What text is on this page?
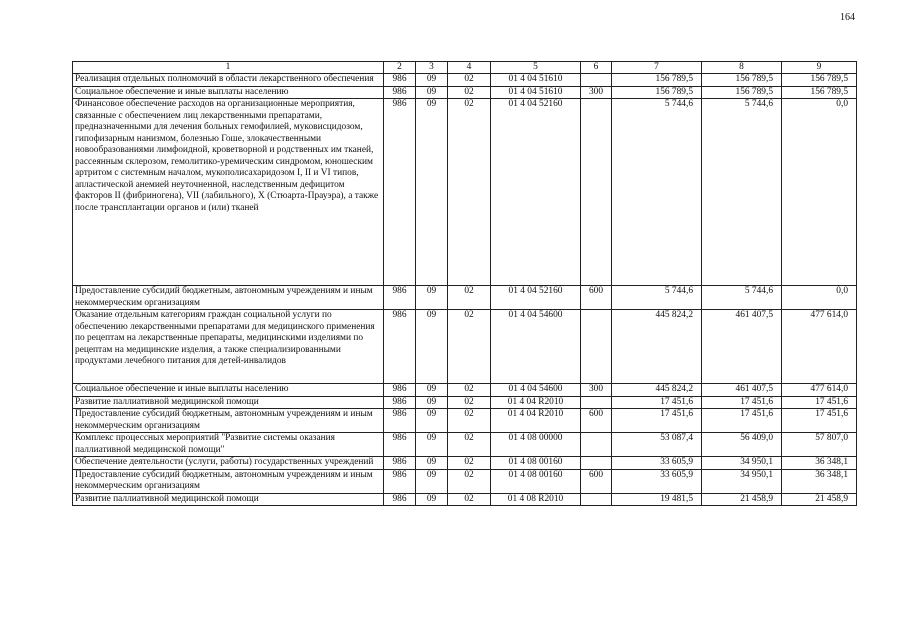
164
1	2	3	4	5	6	7	8	9
Реализация отдельных полномочий в области лекарственного обеспечения	986	09	02	01 4 04 51610		156 789,5	156 789,5	156 789,5
Социальное обеспечение и иные выплаты населению	986	09	02	01 4 04 51610	300	156 789,5	156 789,5	156 789,5
Финансовое обеспечение расходов на организационные мероприятия, связанные с обеспечением лиц лекарственными препаратами, предназначенными для лечения больных гемофилией, муковисцидозом, гипофизарным нанизмом, болезнью Гоше, злокачественными новообразованиями лимфоидной, кроветворной и родственных им тканей, рассеянным склерозом, гемолитико-уремическим синдромом, юношеским артритом с системным началом, мукополисахаридозом I, II и VI типов, апластической анемией неуточненной, наследственным дефицитом факторов II (фибриногена), VII (лабильного), X (Стюарта-Прауэра), а также после трансплантации органов и (или) тканей	986	09	02	01 4 04 52160		5 744,6	5 744,6	0,0
Предоставление субсидий бюджетным, автономным учреждениям и иным некоммерческим организациям	986	09	02	01 4 04 52160	600	5 744,6	5 744,6	0,0
Оказание отдельным категориям граждан социальной услуги по обеспечению лекарственными препаратами для медицинского применения по рецептам на лекарственные препараты, медицинскими изделиями по рецептам на медицинские изделия, а также специализированными продуктами лечебного питания для детей-инвалидов	986	09	02	01 4 04 54600		445 824,2	461 407,5	477 614,0
Социальное обеспечение и иные выплаты населению	986	09	02	01 4 04 54600	300	445 824,2	461 407,5	477 614,0
Развитие паллиативной медицинской помощи	986	09	02	01 4 04 R2010		17 451,6	17 451,6	17 451,6
Предоставление субсидий бюджетным, автономным учреждениям и иным некоммерческим организациям	986	09	02	01 4 04 R2010	600	17 451,6	17 451,6	17 451,6
Комплекс процессных мероприятий "Развитие системы оказания паллиативной медицинской помощи"	986	09	02	01 4 08 00000		53 087,4	56 409,0	57 807,0
Обеспечение деятельности (услуги, работы) государственных учреждений	986	09	02	01 4 08 00160		33 605,9	34 950,1	36 348,1
Предоставление субсидий бюджетным, автономным учреждениям и иным некоммерческим организациям	986	09	02	01 4 08 00160	600	33 605,9	34 950,1	36 348,1
Развитие паллиативной медицинской помощи	986	09	02	01 4 08 R2010		19 481,5	21 458,9	21 458,9
